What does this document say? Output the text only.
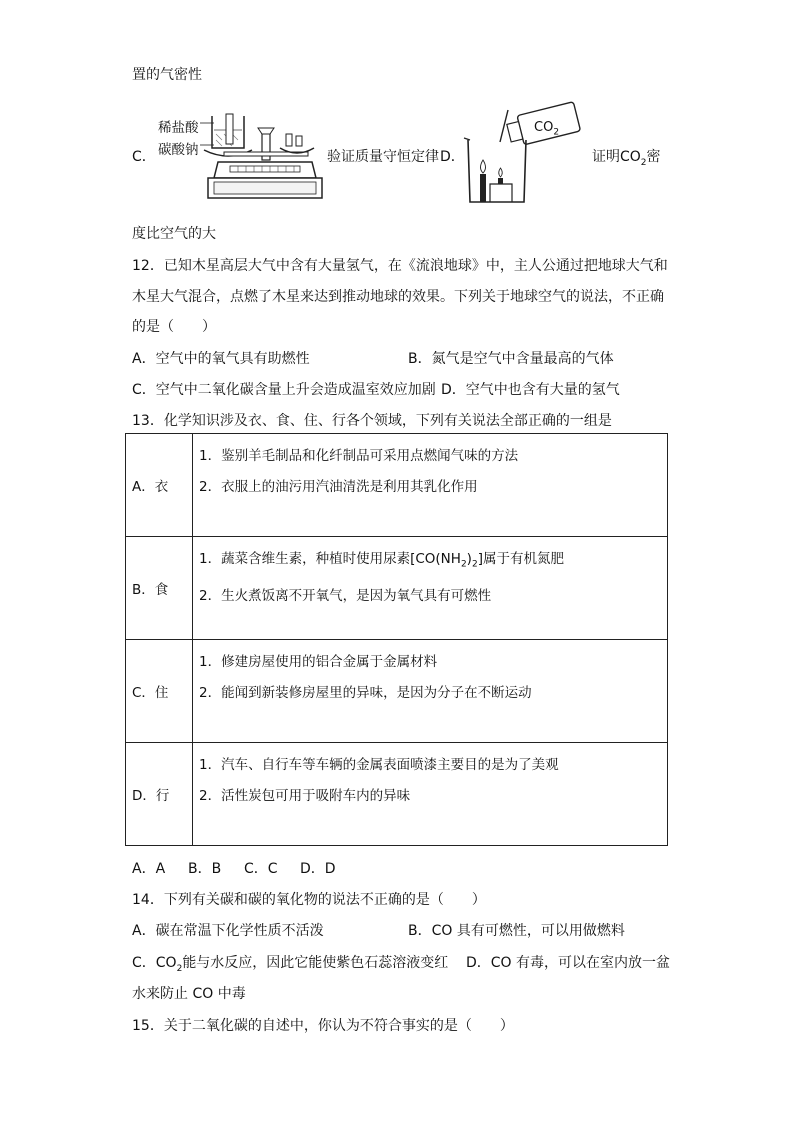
置的气密性
C．
稀盐酸
碳酸钠	验证质量守恒定律 D．
$CO_2$
证明$CO_2$密
度比空气的大
12．已知木星高层大气中含有大量氢气，在《流浪地球》中，主人公通过把地球大气和
木星大气混合，点燃了木星来达到推动地球的效果。下列关于地球空气的说法，不正确
的是（　　）
A．空气中的氧气具有助燃性	B．氮气是空气中含量最高的气体
C．空气中二氧化碳含量上升会造成温室效应加剧 D．空气中也含有大量的氢气
13．化学知识涉及衣、食、住、行各个领域，下列有关说法全部正确的一组是
A．衣	1．鉴别羊毛制品和化纤制品可采用点燃闻气味的方法
2．衣服上的油污用汽油清洗是利用其乳化作用

B．食	1．蔬菜含维生素，种植时使用尿素$[CO(NH_2)_2]$属于有机氮肥
2．生火煮饭离不开氧气，是因为氧气具有可燃性

C．住	1．修建房屋使用的铝合金属于金属材料
2．能闻到新装修房屋里的异味，是因为分子在不断运动

D．行	1．汽车、自行车等车辆的金属表面喷漆主要目的是为了美观
2．活性炭包可用于吸附车内的异味
A．A B．B C．C D．D
14．下列有关碳和碳的氧化物的说法不正确的是（　　）
A．碳在常温下化学性质不活泼	B．CO 具有可燃性，可以用做燃料
C．$CO_2$能与水反应，因此它能使紫色石蕊溶液变红 D．CO 有毒，可以在室内放一盆
水来防止 CO 中毒
15．关于二氧化碳的自述中，你认为不符合事实的是（　　）
